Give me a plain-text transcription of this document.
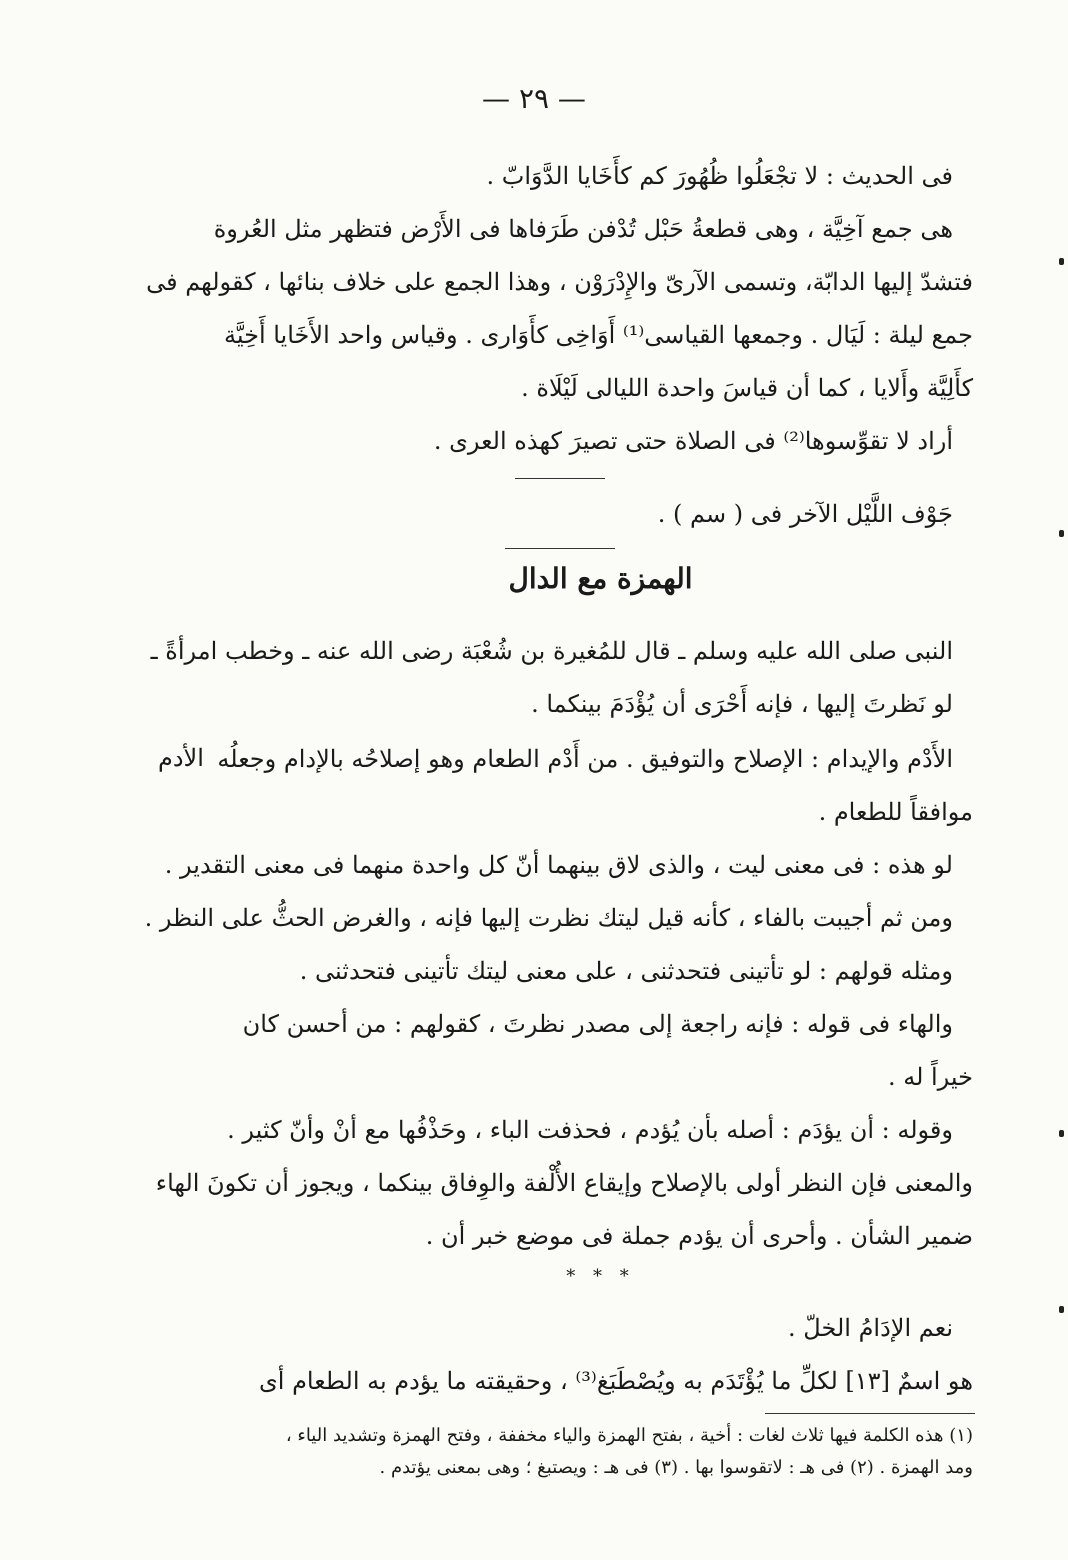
— ٢٩ —
فى الحديث : لا تجْعَلُوا ظُهُورَ كم كأَخَايا الدَّوَابّ .
هى جمع آخِيَّة ، وهى قطعةُ حَبْل تُدْفن طَرَفاها فى الأَرْض فتظهر مثل العُروة
فتشدّ إليها الدابّة، وتسمى الآرىّ والإِدْرَوْن ، وهذا الجمع على خلاف بنائها ، كقولهم فى
جمع ليلة : لَيَال . وجمعها القياسى⁽¹⁾ أَوَاخِى كأَوَارى . وقياس واحد الأَخَايا أَخِيَّة
كأَلِيَّة وأَلايا ، كما أن قياسَ واحدة الليالى لَيْلَاة .
أراد لا تقوِّسوها⁽²⁾ فى الصلاة حتى تصيرَ كهذه العرى .
جَوْف اللَّيْل الآخر فى ( سم ) .
الهمزة مع الدال
النبى صلى الله عليه وسلم ـ قال للمُغيرة بن شُعْبَة رضى الله عنه ـ وخطب امرأةً ـ
لو نَظرتَ إليها ، فإنه أَحْرَى أن يُؤْدَمَ بينكما .
الأدم الأَدْم والإيدام : الإصلاح والتوفيق . من أَدْم الطعام وهو إصلاحُه بالإدام وجعلُه
موافقاً للطعام .
لو هذه : فى معنى ليت ، والذى لاق بينهما أنّ كل واحدة منهما فى معنى التقدير .
ومن ثم أجيبت بالفاء ، كأنه قيل ليتك نظرت إليها فإنه ، والغرض الحثُّ على النظر .
ومثله قولهم : لو تأتينى فتحدثنى ، على معنى ليتك تأتينى فتحدثنى .
والهاء فى قوله : فإنه راجعة إلى مصدر نظرتَ ، كقولهم : من أحسن كان
خيراً له .
وقوله : أن يؤدَم : أصله بأن يُؤدم ، فحذفت الباء ، وحَذْفُها مع أنْ وأنّ كثير .
والمعنى فإن النظر أولى بالإصلاح وإيقاع الأُلْفة والوِفاق بينكما ، ويجوز أن تكونَ الهاء
ضمير الشأن . وأحرى أن يؤدم جملة فى موضع خبر أن .
* * *
نعم الإدَامُ الخلّ .
هو اسمٌ [١٣] لكلِّ ما يُؤْتَدَم به ويُصْطَبَغ⁽³⁾ ، وحقيقته ما يؤدم به الطعام أى
(١) هذه الكلمة فيها ثلاث لغات : أخية ، بفتح الهمزة والياء مخففة ، وفتح الهمزة وتشديد الياء ،
ومد الهمزة . (٢) فى هـ : لاتقوسوا بها . (٣) فى هـ : ويصتبغ ؛ وهى بمعنى يؤتدم .
